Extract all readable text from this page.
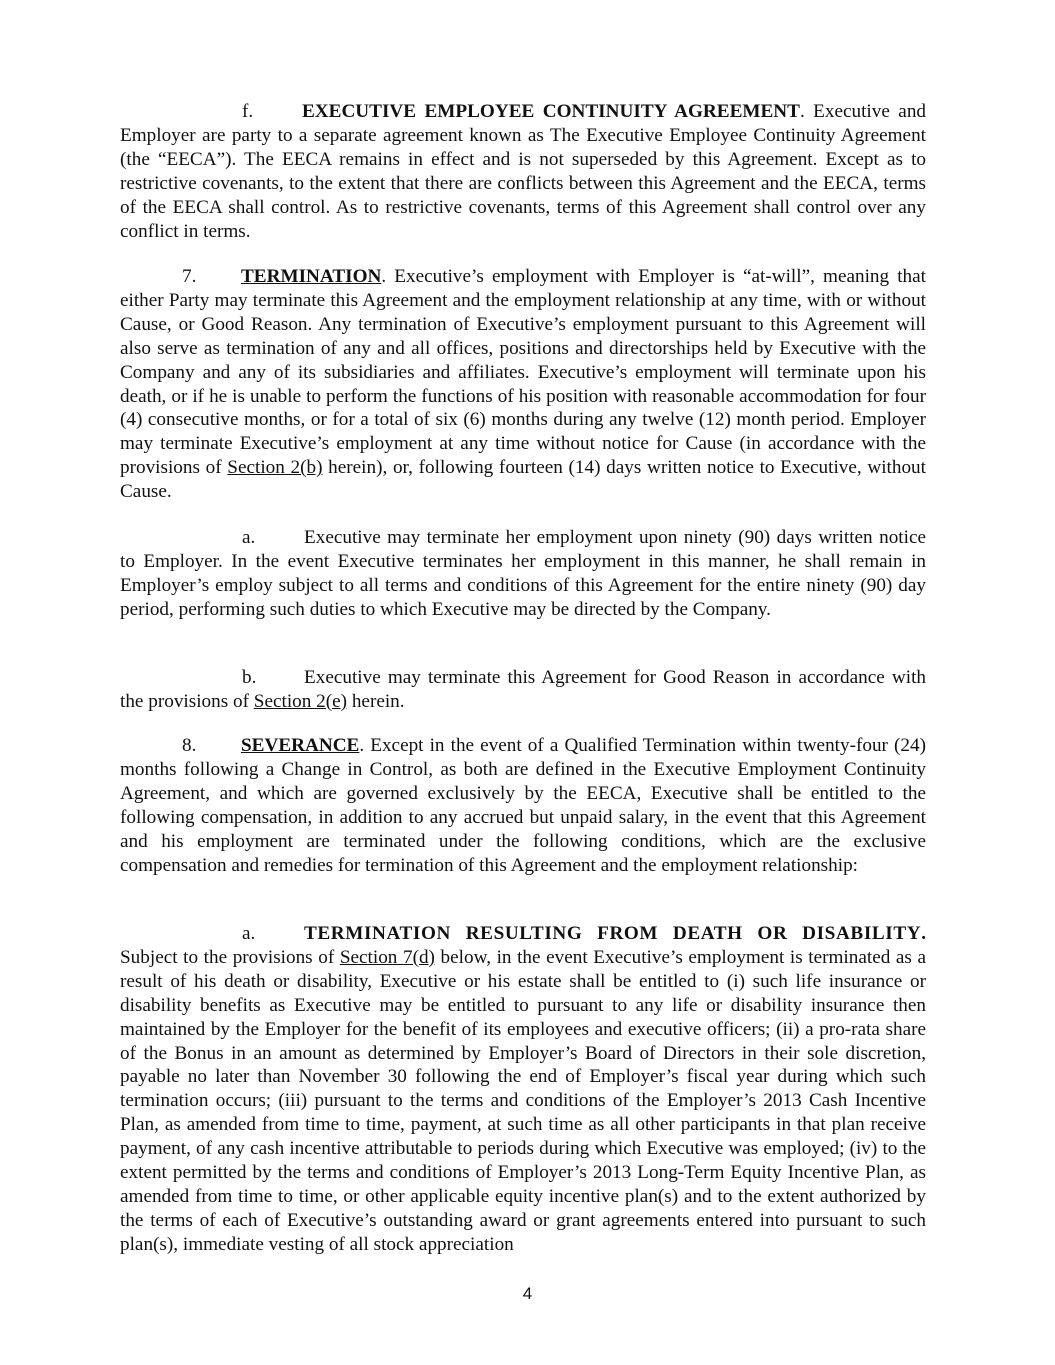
f.	EXECUTIVE EMPLOYEE CONTINUITY AGREEMENT. Executive and Employer are party to a separate agreement known as The Executive Employee Continuity Agreement (the “EECA”). The EECA remains in effect and is not superseded by this Agreement. Except as to restrictive covenants, to the extent that there are conflicts between this Agreement and the EECA, terms of the EECA shall control. As to restrictive covenants, terms of this Agreement shall control over any conflict in terms.

7. TERMINATION. Executive’s employment with Employer is “at-will”, meaning that either Party may terminate this Agreement and the employment relationship at any time, with or without Cause, or Good Reason. Any termination of Executive’s employment pursuant to this Agreement will also serve as termination of any and all offices, positions and directorships held by Executive with the Company and any of its subsidiaries and affiliates. Executive’s employment will terminate upon his death, or if he is unable to perform the functions of his position with reasonable accommodation for four (4) consecutive months, or for a total of six (6) months during any twelve (12) month period. Employer may terminate Executive’s employment at any time without notice for Cause (in accordance with the provisions of Section 2(b) herein), or, following fourteen (14) days written notice to Executive, without Cause.

a.	Executive may terminate her employment upon ninety (90) days written notice to Employer. In the event Executive terminates her employment in this manner, he shall remain in Employer’s employ subject to all terms and conditions of this Agreement for the entire ninety (90) day period, performing such duties to which Executive may be directed by the Company.

b. Executive may terminate this Agreement for Good Reason in accordance with the provisions of Section 2(e) herein.

8. SEVERANCE. Except in the event of a Qualified Termination within twenty-four (24) months following a Change in Control, as both are defined in the Executive Employment Continuity Agreement, and which are governed exclusively by the EECA, Executive shall be entitled to the following compensation, in addition to any accrued but unpaid salary, in the event that this Agreement and his employment are terminated under the following conditions, which are the exclusive compensation and remedies for termination of this Agreement and the employment relationship:

a.	TERMINATION RESULTING FROM DEATH OR DISABILITY. Subject to the provisions of Section 7(d) below, in the event Executive’s employment is terminated as a result of his death or disability, Executive or his estate shall be entitled to (i) such life insurance or disability benefits as Executive may be entitled to pursuant to any life or disability insurance then maintained by the Employer for the benefit of its employees and executive officers; (ii) a pro-rata share of the Bonus in an amount as determined by Employer’s Board of Directors in their sole discretion, payable no later than November 30 following the end of Employer’s fiscal year during which such termination occurs; (iii) pursuant to the terms and conditions of the Employer’s 2013 Cash Incentive Plan, as amended from time to time, payment, at such time as all other participants in that plan receive payment, of any cash incentive attributable to periods during which Executive was employed; (iv) to the extent permitted by the terms and conditions of Employer’s 2013 Long-Term Equity Incentive Plan, as amended from time to time, or other applicable equity incentive plan(s) and to the extent authorized by the terms of each of Executive’s outstanding award or grant agreements entered into pursuant to such plan(s), immediate vesting of all stock appreciation

4
